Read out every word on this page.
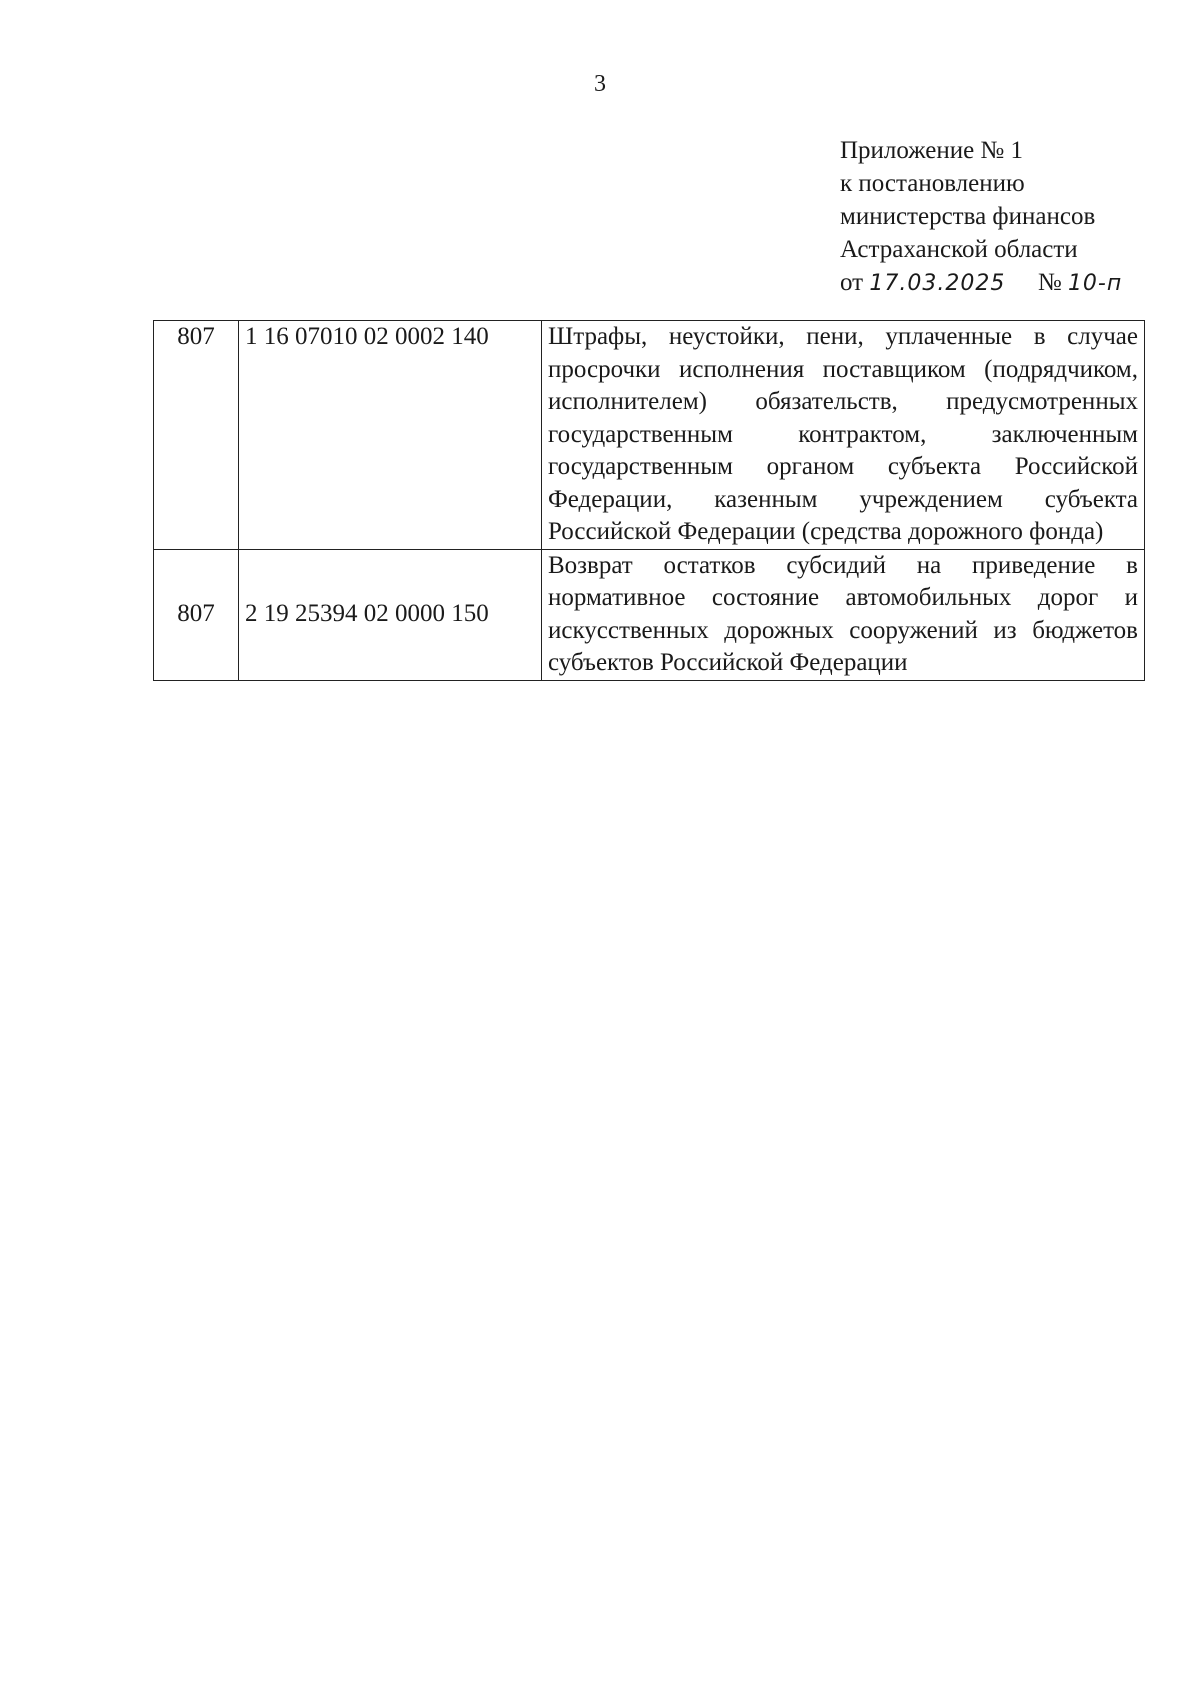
3
Приложение № 1
к постановлению
министерства финансов
Астраханской области
от 17.03.2025 № 10-п
807	1 16 07010 02 0002 140	Штрафы, неустойки, пени, уплаченные в случае просрочки исполнения поставщиком (подрядчиком, исполнителем) обязательств, предусмотренных государственным контрактом, заключенным государственным органом субъекта Российской Федерации, казенным учреждением субъекта Российской Федерации (средства дорожного фонда)
807	2 19 25394 02 0000 150	Возврат остатков субсидий на приведение в нормативное состояние автомобильных дорог и искусственных дорожных сооружений из бюджетов субъектов Российской Федерации
